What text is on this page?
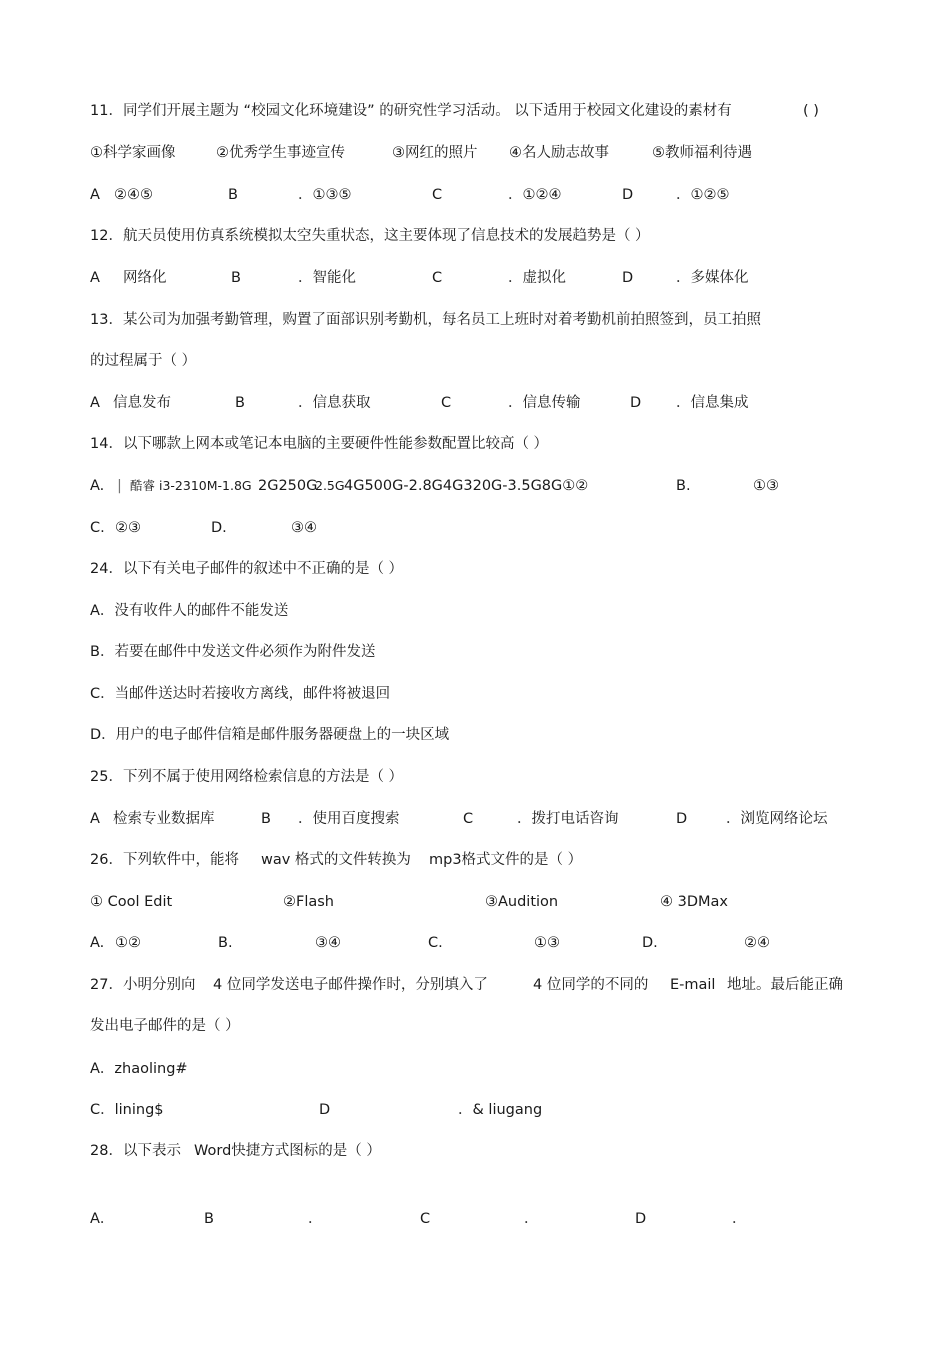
11．同学们开展主题为 “校园文化环境建设” 的研究性学习活动。 以下适用于校园文化建设的素材有	( )
①科学家画像	②优秀学生事迹宣传	③网红的照片 ④名人励志故事	⑤教师福利待遇
A ②④⑤	B	．①③⑤	C	．①②④	D	．①②⑤
12．航天员使用仿真系统模拟太空失重状态，这主要体现了信息技术的发展趋势是（ ）
A 网络化	B	．智能化	C	．虚拟化	D	．多媒体化
13．某公司为加强考勤管理，购置了面部识别考勤机，每名员工上班时对着考勤机前拍照签到，员工拍照
的过程属于（ ）
A 信息发布	B	．信息获取	C	．信息传输	D ．信息集成
14．以下哪款上网本或笔记本电脑的主要硬件性能参数配置比较高（ ）
A. | 酷睿 i3-2310M-1.8G 2G250G
2.5G 4G500G-2.8G4G320G-3.5G8G①②	B.	①③
C. ②③	D.	③④
24．以下有关电子邮件的叙述中不正确的是（ ）
A．没有收件人的邮件不能发送
B．若要在邮件中发送文件必须作为附件发送
C．当邮件送达时若接收方离线，邮件将被退回
D．用户的电子邮件信箱是邮件服务器硬盘上的一块区域
25．下列不属于使用网络检索信息的方法是（ ）
A 检索专业数据库	B ．使用百度搜索	C	．拨打电话咨询	D	．浏览网络论坛
26．下列软件中，能将 wav 格式的文件转换为 mp3格式文件的是（ ）
① Cool Edit	②Flash	③Audition	④ 3DMax
A. ①②	B.	③④	C.	①③	D.	②④
27．小明分别向 4 位同学发送电子邮件操作时，分别填入了	4 位同学的不同的 E-mail 地址。最后能正确
发出电子邮件的是（ ）
A．zhaoling#
C．lining$	D	．& liugang
28．以下表示 Word快捷方式图标的是（ ）
A．	B	．	C	．	D	．
